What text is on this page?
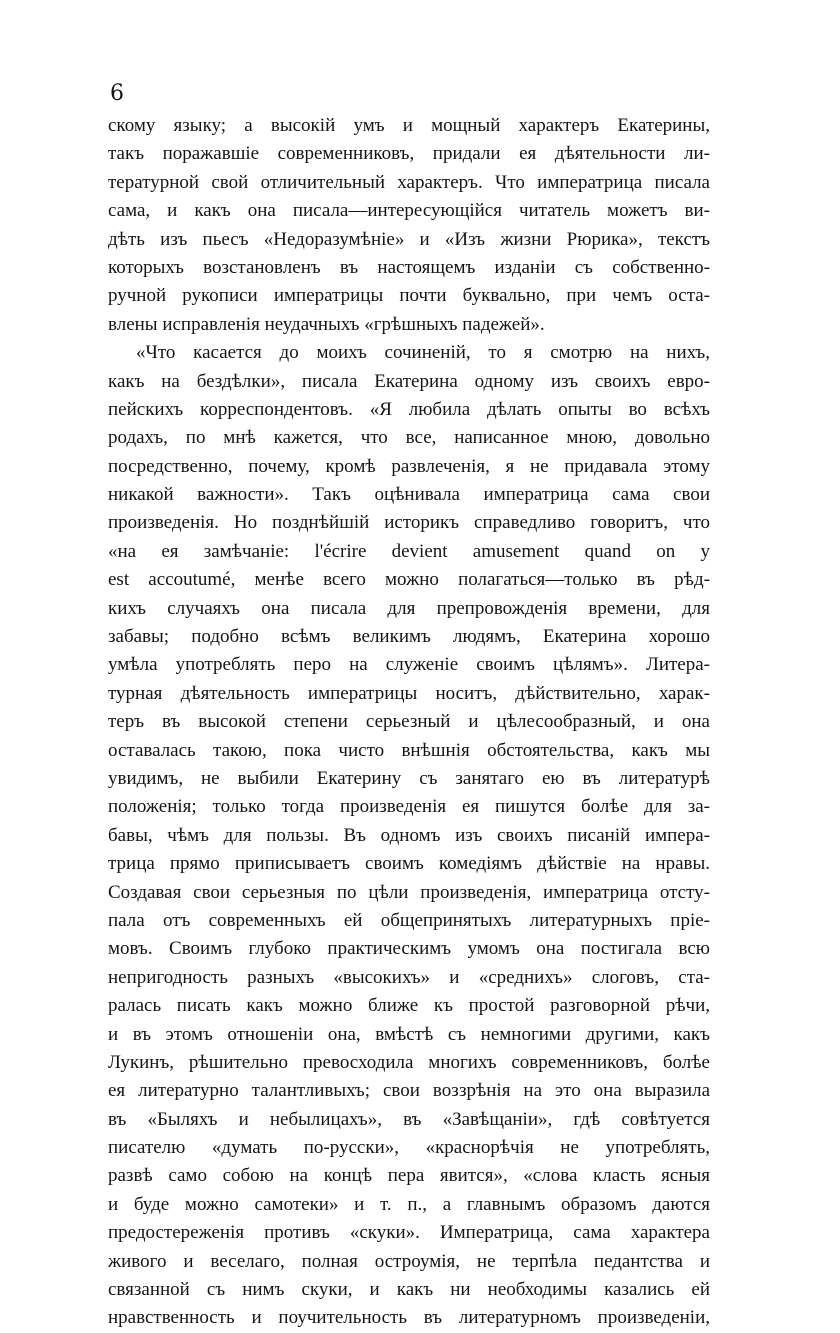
6
скому языку; а высокій умъ и мощный характеръ Екатерины,
такъ поражавшіе современниковъ, придали ея дѣятельности ли-
тературной свой отличительный характеръ. Что императрица писала
сама, и какъ она писала—интересующійся читатель можетъ ви-
дѣть изъ пьесъ «Недоразумѣніе» и «Изъ жизни Рюрика», текстъ
которыхъ возстановленъ въ настоящемъ изданіи съ собственно-
ручной рукописи императрицы почти буквально, при чемъ оста-
влены исправленія неудачныхъ «грѣшныхъ падежей».
«Что касается до моихъ сочиненій, то я смотрю на нихъ,
какъ на бездѣлки», писала Екатерина одному изъ своихъ евро-
пейскихъ корреспондентовъ. «Я любила дѣлать опыты во всѣхъ
родахъ, по мнѣ кажется, что все, написанное мною, довольно
посредственно, почему, кромѣ развлеченія, я не придавала этому
никакой важности». Такъ оцѣнивала императрица сама свои
произведенія. Но позднѣйшій историкъ справедливо говоритъ, что
«на ея замѣчаніе: l'écrire devient amusement quand on y
est accoutumé, менѣе всего можно полагаться—только въ рѣд-
кихъ случаяхъ она писала для препровожденія времени, для
забавы; подобно всѣмъ великимъ людямъ, Екатерина хорошо
умѣла употреблять перо на служеніе своимъ цѣлямъ». Литера-
турная дѣятельность императрицы носитъ, дѣйствительно, харак-
теръ въ высокой степени серьезный и цѣлесообразный, и она
оставалась такою, пока чисто внѣшнія обстоятельства, какъ мы
увидимъ, не выбили Екатерину съ занятаго ею въ литературѣ
положенія; только тогда произведенія ея пишутся болѣе для за-
бавы, чѣмъ для пользы. Въ одномъ изъ своихъ писаній импера-
трица прямо приписываетъ своимъ комедіямъ дѣйствіе на нравы.
Создавая свои серьезныя по цѣли произведенія, императрица отсту-
пала отъ современныхъ ей общепринятыхъ литературныхъ пріе-
мовъ. Своимъ глубоко практическимъ умомъ она постигала всю
непригодность разныхъ «высокихъ» и «среднихъ» слоговъ, ста-
ралась писать какъ можно ближе къ простой разговорной рѣчи,
и въ этомъ отношеніи она, вмѣстѣ съ немногими другими, какъ
Лукинъ, рѣшительно превосходила многихъ современниковъ, болѣе
ея литературно талантливыхъ; свои воззрѣнія на это она выразила
въ «Быляхъ и небылицахъ», въ «Завѣщаніи», гдѣ совѣтуется
писателю «думать по-русски», «краснорѣчія не употреблять,
развѣ само собою на концѣ пера явится», «слова класть ясныя
и буде можно самотеки» и т. п., а главнымъ образомъ даются
предостереженія противъ «скуки». Императрица, сама характера
живого и веселаго, полная остроумія, не терпѣла педантства и
связанной съ нимъ скуки, и какъ ни необходимы казались ей
нравственность и поучительность въ литературномъ произведеніи,
